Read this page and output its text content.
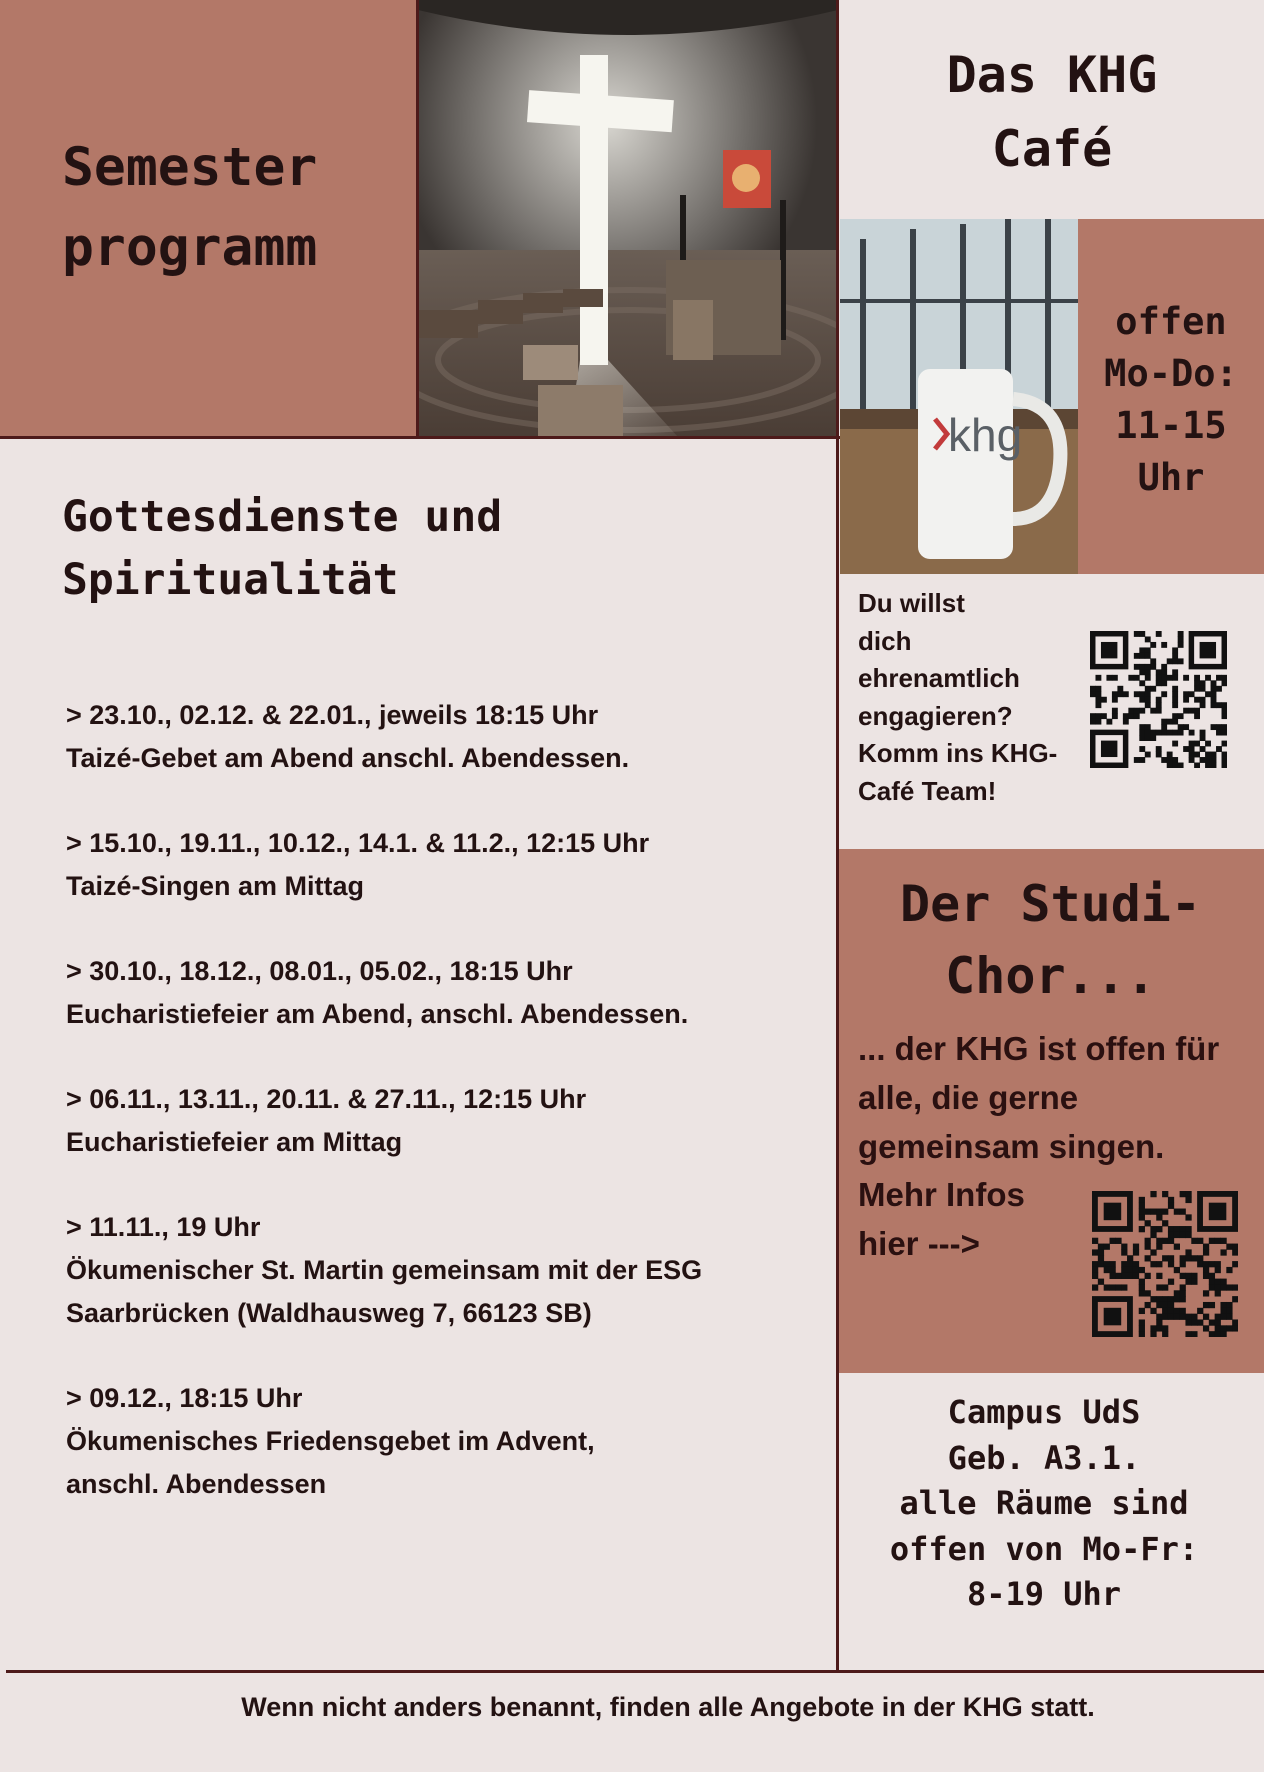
Semester
programm
Das KHG
Café
khg
offen
Mo-Do:
11-15
Uhr
Du willst
dich
ehrenamtlich
engagieren?
Komm ins KHG-
Café Team!
Der Studi-
Chor...
... der KHG ist offen für
alle, die gerne
gemeinsam singen.
Mehr Infos
hier --->
Campus UdS
Geb. A3.1.
alle Räume sind
offen von Mo-Fr:
8-19 Uhr
Gottesdienste und
Spiritualität
> 23.10., 02.12. & 22.01., jeweils 18:15 Uhr
Taizé-Gebet am Abend anschl. Abendessen.
> 15.10., 19.11., 10.12., 14.1. & 11.2., 12:15 Uhr
Taizé-Singen am Mittag
> 30.10., 18.12., 08.01., 05.02., 18:15 Uhr
Eucharistiefeier am Abend, anschl. Abendessen.
> 06.11., 13.11., 20.11. & 27.11., 12:15 Uhr
Eucharistiefeier am Mittag
> 11.11., 19 Uhr
Ökumenischer St. Martin gemeinsam mit der ESG
Saarbrücken (Waldhausweg 7, 66123 SB)
> 09.12., 18:15 Uhr
Ökumenisches Friedensgebet im Advent,
anschl. Abendessen
Wenn nicht anders benannt, finden alle Angebote in der KHG statt.
